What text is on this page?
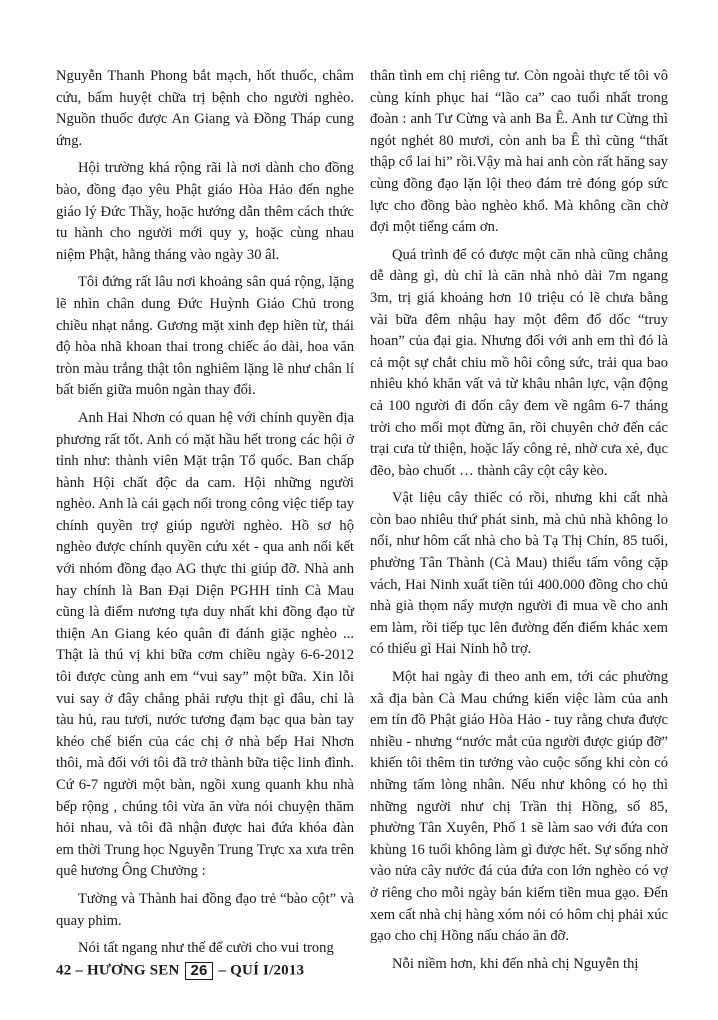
Nguyễn Thanh Phong bắt mạch, hốt thuốc, châm cứu, bấm huyệt chữa trị bệnh cho người nghèo. Nguồn thuốc được An Giang và Đồng Tháp cung ứng.

Hội trường khá rộng rãi là nơi dành cho đồng bào, đồng đạo yêu Phật giáo Hòa Hảo đến nghe giáo lý Đức Thầy, hoặc hướng dẫn thêm cách thức tu hành cho người mới quy y, hoặc cùng nhau niệm Phật, hằng tháng vào ngày 30 âl.

Tôi đứng rất lâu nơi khoảng sân quá rộng, lặng lẽ nhìn chân dung Đức Huỳnh Giáo Chủ trong chiều nhạt nắng. Gương mặt xinh đẹp hiền từ, thái độ hòa nhã khoan thai trong chiếc áo dài, hoa văn tròn màu trắng thật tôn nghiêm lặng lẽ như chân lí bất biến giữa muôn ngàn thay đổi.

Anh Hai Nhơn có quan hệ với chính quyền địa phương rất tốt. Anh có mặt hầu hết trong các hội ở tỉnh như: thành viên Mặt trận Tổ quốc. Ban chấp hành Hội chất độc da cam. Hội những người nghèo. Anh là cái gạch nối trong công việc tiếp tay chính quyền trợ giúp người nghèo. Hồ sơ hộ nghèo được chính quyền cứu xét - qua anh nối kết với nhóm đồng đạo AG thực thi giúp đỡ. Nhà anh hay chính là Ban Đại Diện PGHH tỉnh Cà Mau cũng là điểm nương tựa duy nhất khi đồng đạo từ thiện An Giang kéo quân đi đánh giặc nghèo ... Thật là thú vị khi bữa cơm chiều ngày 6-6-2012 tôi được cùng anh em “vui say” một bữa. Xin lỗi vui say ở đây chẳng phải rượu thịt gì đâu, chỉ là tàu hủ, rau tươi, nước tương đạm bạc qua bàn tay khéo chế biến của các chị ở nhà bếp Hai Nhơn thôi, mà đối với tôi đã trở thành bữa tiệc linh đình. Cứ 6-7 người một bàn, ngồi xung quanh khu nhà bếp rộng , chúng tôi vừa ăn vừa nói chuyện thăm hỏi nhau, và tôi đã nhận được hai đứa khóa đàn em thời Trung học Nguyễn Trung Trực xa xưa trên quê hương Ông Chưởng :

Tường và Thành hai đồng đạo trẻ “bào cột” và quay phim.

Nói tất ngang như thế để cười cho vui trong

thân tình em chị riêng tư. Còn ngoài thực tế tôi vô cùng kính phục hai “lão ca” cao tuổi nhất trong đoàn : anh Tư Cừng và anh Ba Ê. Anh tư Cừng thì ngót nghét 80 mươi, còn anh ba Ê thì cũng “thất thập cổ lai hi” rồi.Vậy mà hai anh còn rất hăng say cùng đồng đạo lặn lội theo đám trẻ đóng góp sức lực cho đồng bào nghèo khổ. Mà không cần chờ đợi một tiếng cám ơn.

Quá trình để có được một căn nhà cũng chẳng dễ dàng gì, dù chỉ là căn nhà nhỏ dài 7m ngang 3m, trị giá khoảng hơn 10 triệu có lẽ chưa bằng vài bữa đêm nhậu hay một đêm đổ dốc “truy hoan” của đại gia. Nhưng đối với anh em thì đó là cả một sự chắt chiu mồ hôi công sức, trải qua bao nhiêu khó khăn vất vả từ khâu nhân lực, vận động cả 100 người đi đốn cây đem về ngâm 6-7 tháng trời cho mối mọt đừng ăn, rồi chuyên chở đến các trại cưa từ thiện, hoặc lấy công rẻ, nhờ cưa xẻ, đục đẽo, bào chuốt … thành cây cột cây kèo.

Vật liệu cây thiếc có rồi, nhưng khi cất nhà còn bao nhiêu thứ phát sinh, mà chủ nhà không lo nổi, như hôm cất nhà cho bà Tạ Thị Chín, 85 tuổi, phường Tân Thành (Cà Mau) thiếu tấm vông cặp vách, Hai Ninh xuất tiền túi 400.000 đồng cho chủ nhà già thọm nẩy mượn người đi mua về cho anh em làm, rồi tiếp tục lên đường đến điểm khác xem có thiếu gì Hai Ninh hỗ trợ.

Một hai ngày đi theo anh em, tới các phường xã địa bàn Cà Mau chứng kiến việc làm của anh em tín đồ Phật giáo Hòa Hảo - tuy rằng chưa được nhiều - nhưng “nước mắt của người được giúp đỡ” khiến tôi thêm tin tưởng vào cuộc sống khi còn có những tấm lòng nhân. Nếu như không có họ thì những người như chị Trần thị Hồng, số 85, phường Tân Xuyên, Phố 1 sẽ làm sao với đứa con khùng 16 tuổi không làm gì được hết. Sự sống nhờ vào nửa cây nước đá của đứa con lớn nghèo có vợ ở riêng cho mỗi ngày bán kiếm tiền mua gạo. Đến xem cất nhà chị hàng xóm nói có hôm chị phải xúc gạo cho chị Hồng nấu cháo ăn đỡ.

Nỗi niềm hơn, khi đến nhà chị Nguyễn thị

42 – HƯƠNG SEN 26 – QUÍ I/2013
